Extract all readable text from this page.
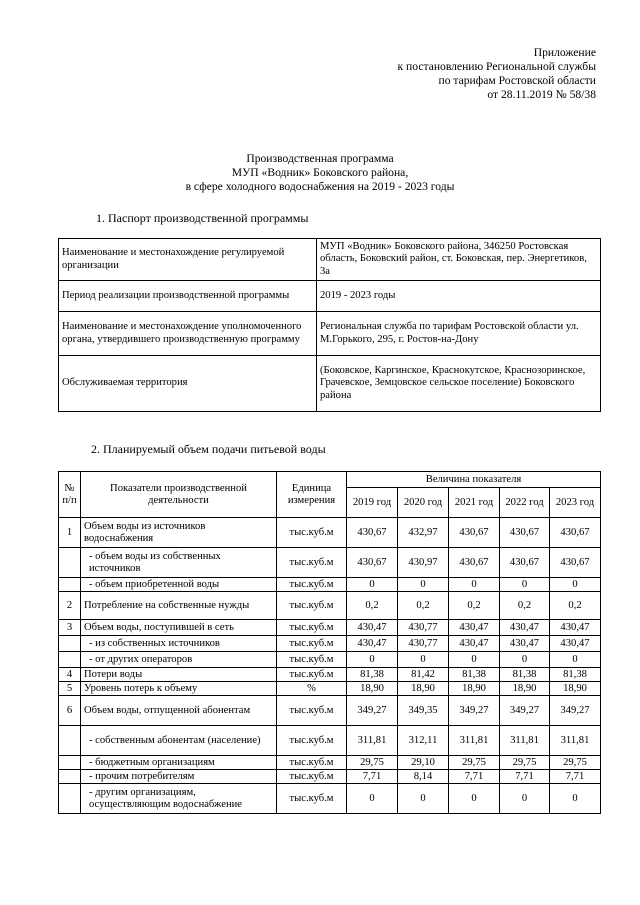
Приложение
к постановлению Региональной службы
по тарифам Ростовской области
от 28.11.2019 № 58/38
Производственная программа
МУП «Водник» Боковского района,
в сфере холодного водоснабжения на 2019 - 2023 годы
1. Паспорт производственной программы
Наименование и местонахождение регулируемой организации	МУП «Водник» Боковского района, 346250 Ростовская область, Боковский район, ст. Боковская, пер. Энергетиков, 3а
Период реализации производственной программы	2019 - 2023 годы
Наименование и местонахождение уполномоченного органа, утвердившего производственную программу	Региональная служба по тарифам Ростовской области ул. М.Горького, 295, г. Ростов-на-Дону
Обслуживаемая территория	(Боковское, Каргинское, Краснокутское, Краснозоринское, Грачевское, Земцовское сельское поселение) Боковского района
2. Планируемый объем подачи питьевой воды
№ п/п	Показатели производственной деятельности	Единица измерения	Величина показателя				
			2019 год	2020 год	2021 год	2022 год	2023 год
1	Объем воды из источников водоснабжения	тыс.куб.м	430,67	432,97	430,67	430,67	430,67
	- объем воды из собственных источников	тыс.куб.м	430,67	430,97	430,67	430,67	430,67
	- объем приобретенной воды	тыс.куб.м	0	0	0	0	0
2	Потребление на собственные нужды	тыс.куб.м	0,2	0,2	0,2	0,2	0,2
3	Объем воды, поступившей в сеть	тыс.куб.м	430,47	430,77	430,47	430,47	430,47
	- из собственных источников	тыс.куб.м	430,47	430,77	430,47	430,47	430,47
	- от других операторов	тыс.куб.м	0	0	0	0	0
4	Потери воды	тыс.куб.м	81,38	81,42	81,38	81,38	81,38
5	Уровень потерь к объему	%	18,90	18,90	18,90	18,90	18,90
6	Объем воды, отпущенной абонентам	тыс.куб.м	349,27	349,35	349,27	349,27	349,27
	- собственным абонентам (население)	тыс.куб.м	311,81	312,11	311,81	311,81	311,81
	- бюджетным организациям	тыс.куб.м	29,75	29,10	29,75	29,75	29,75
	- прочим потребителям	тыс.куб.м	7,71	8,14	7,71	7,71	7,71
	- другим организациям, осуществляющим водоснабжение	тыс.куб.м	0	0	0	0	0
